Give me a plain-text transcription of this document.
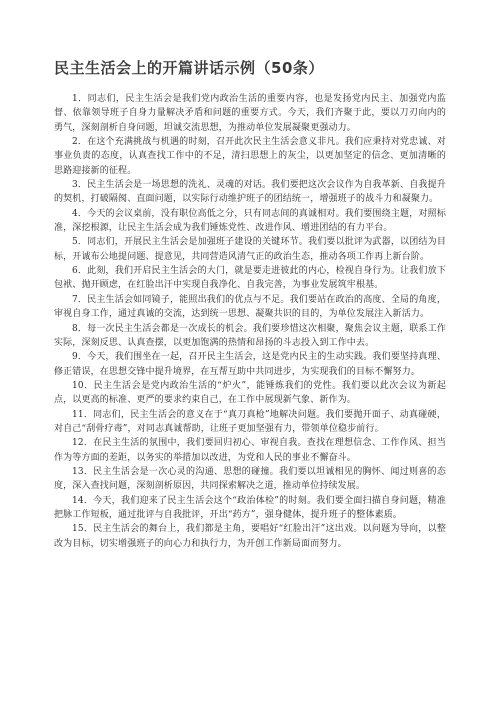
民主生活会上的开篇讲话示例（50条）

1．同志们，民主生活会是我们党内政治生活的重要内容，也是发扬党内民主、加强党内监督、依靠领导班子自身力量解决矛盾和问题的重要方式。今天，我们齐聚于此，要以刀刃向内的勇气，深刻剖析自身问题，坦诚交流思想，为推动单位发展凝聚更强动力。

2．在这个充满挑战与机遇的时刻，召开此次民主生活会意义非凡。我们应秉持对党忠诚、对事业负责的态度，认真查找工作中的不足，清扫思想上的灰尘，以更加坚定的信念、更加清晰的思路迎接新的征程。

3．民主生活会是一场思想的洗礼、灵魂的对话。我们要把这次会议作为自我革新、自我提升的契机，打破隔阂、直面问题，以实际行动维护班子的团结统一，增强班子的战斗力和凝聚力。

4．今天的会议桌前，没有职位高低之分，只有同志间的真诚相对。我们要围绕主题，对照标准，深挖根源，让民主生活会成为我们锤炼党性、改进作风、增进团结的有力平台。

5．同志们，开展民主生活会是加强班子建设的关键环节。我们要以批评为武器，以团结为目标，开诚布公地提问题、提意见，共同营造风清气正的政治生态，推动各项工作再上新台阶。

6．此刻，我们开启民主生活会的大门，就是要走进彼此的内心，检视自身行为。让我们放下包袱、抛开顾虑，在红脸出汗中实现自我净化、自我完善，为事业发展筑牢根基。

7．民主生活会如同镜子，能照出我们的优点与不足。我们要站在政治的高度、全局的角度，审视自身工作，通过真诚的交流，达到统一思想、凝聚共识的目的，为单位发展注入新活力。

8．每一次民主生活会都是一次成长的机会。我们要珍惜这次相聚，聚焦会议主题，联系工作实际，深刻反思、认真查摆，以更加饱满的热情和昂扬的斗志投入到工作中去。

9．今天，我们围坐在一起，召开民主生活会，这是党内民主的生动实践。我们要坚持真理、修正错误，在思想交锋中提升境界，在互帮互助中共同进步，为实现我们的目标不懈努力。

10．民主生活会是党内政治生活的“炉火”，能锤炼我们的党性。我们要以此次会议为新起点，以更高的标准、更严的要求约束自己，在工作中展现新气象、新作为。

11．同志们，民主生活会的意义在于“真刀真枪”地解决问题。我们要抛开面子、动真碰硬，对自己“刮骨疗毒”，对同志真诚帮助，让班子更加坚强有力，带领单位稳步前行。

12．在民主生活的氛围中，我们要回归初心、审视自我。查找在理想信念、工作作风、担当作为等方面的差距，以务实的举措加以改进，为党和人民的事业不懈奋斗。

13．民主生活会是一次心灵的沟通、思想的碰撞。我们要以坦诚相见的胸怀、闻过则喜的态度，深入查找问题，深刻剖析原因，共同探索解决之道，推动单位持续发展。

14．今天，我们迎来了民主生活会这个“政治体检”的时刻。我们要全面扫描自身问题，精准把脉工作短板，通过批评与自我批评，开出“药方”，强身健体，提升班子的整体素质。

15．民主生活会的舞台上，我们都是主角，要唱好“红脸出汗”这出戏。以问题为导向，以整改为目标，切实增强班子的向心力和执行力，为开创工作新局面而努力。
